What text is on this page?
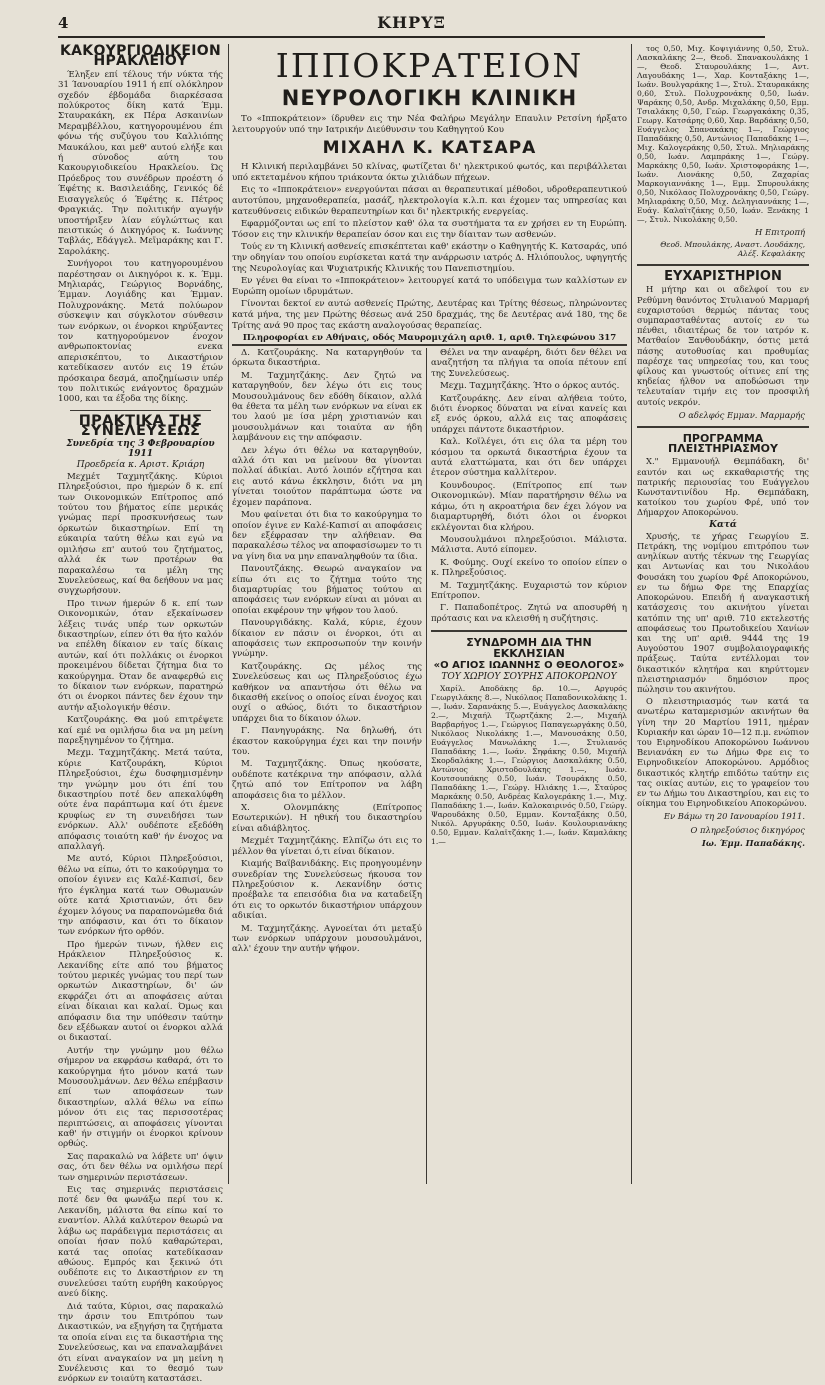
4	ΚΗΡΥΞ
ΚΑΚΟΥΡΓΙΟΔΙΚΕΙΟΝ ΗΡΑΚΛΕΙΟΥ

Έληξεν επί τέλους τήν νύκτα τής 31 Ίανουαρίου 1911 ή επί ολόκληρον σχεδόν έβδομάδα διαρκέσασα πολύκροτος δίκη κατά Έμμ. Σταυρακάκη, εκ Πέρα Ασκαινίων Μεραμβέλλου, κατηγορουμένου έπι φόνω τής συζύγου του Καλλιόπης Μαυκάλου, και μεθ' αυτού ελήξε και ή σύνοδος αύτη του Κακουργιοδικείου Ηρακλείου. Ώς Πρόεδρος του συνέδρων προέστη ό Έφέτης κ. Βασιλειάδης, Γενικός δέ Εισαγγελεύς ό Έφέτης κ. Πέτρος Φραγκιάς. Την πολιτικήν αγωγήν υποστήριξεν λίαν εύγλώττως και πειστικώς ό Δικηγόρος κ. Ιωάννης Ταβλάς, Εδάγγελ. Μεϊμαράκης και Γ. Σαρολάκης.

Συνήγοροι του κατηγορουμένου παρέστησαν οι Δικηγόροι κ. κ. Έμμ. Μηλιαράς, Γεώργιος Βορνάδης, Έμμαν. Λογιάδης και Έμμαν. Πολυχρονάκης. Μετά πολύωρον σύσκεψιν και σύγκλοτον σύνθεσιν των ενόρκων, οι ένορκοι κηρύξαντες τον κατηγορούμενον ένοχον ανθρωποκτονίας ενεκα απερισκέπτου, το Δικαστήριον κατεδίκασεν αυτόν εις 19 έτών πρόσκαιρα δεσμά, αποζημίωσιν υπέρ του πολιτικώς ενάγοντος δραχμών 1000, και τα έξοδα της δίκης.

ΠΡΑΚΤΙΚΑ ΤΗΣ ΣΥΝΕΛΕΥΣΕΩΣ
Συνεδρία της 3 Φεβρουαρίου 1911
Προεδρεία κ. Αριστ. Κριάρη

Μεχμέτ Ταχμητζάκης. Κύριοι Πληρεξούσιοι, προ ήμερών δ κ. επί των Οικονομικών Επίτροπος από τούτου του βήματος είπε μερικάς γνώμας περί προσκυνήσεως των όρκωτών δικαστηρίων. Επί τη εύκαιρία ταύτη θέλω και εγώ να ομιλήσω επ' αυτού του ζητήματος, αλλά έκ των προτέρων θα παρακαλέσω τα μέλη της Συνελεύσεως, καί θα δεήθουν να μας συγχωρήσουν.

Προ τινων ήμερών δ κ. επί των Οικονομικών, όταν εξεκαίνωσεν λέξεις τινάς υπέρ των ορκωτών δικαστηρίων, είπεν ότι θα ήτο καλόν να επέλθη δίκαιον εν ταίς δίκαις αυτών, καί ότι πολλάκις οι ένορκοι προκειμένου δίδεται ζήτημα δια το κακούργημα. Όταν δε αναφερθώ εις το δίκαιον των ενόρκων, παρατηρώ ότι οι ένορκοι πάντες δεν έχουν την αυτήν αξιολογικήν θέσιν.

Κατζουράκης. Θα μού επιτρέψετε καί εμέ να ομιλήσω δια να μη μείνη παρεξηγημένον το ζήτημα.

Μεχμ. Ταχμητζάκης. Μετά ταύτα, κύριε Κατζουράκη, Κύριοι Πληρεξούσιοι, έχω δυσφημισμένην την γνώμην μου ότι έπί του δικαστηρίου ποτέ δεν απεκαλύφθη ούτε ένα παράπτωμα καί ότι έμενε κρυφίως εν τη συνειδήσει των ενόρκων. Αλλ' ουδέποτε εξεδόθη απόφασις τοιαύτη καθ' ήν ένοχος να απαλλαγή.

Με αυτό, Κύριοι Πληρεξούσιοι, θέλω να είπω, ότι το κακούργημα το οποίον έγινεν εις Καλέ-Καπισί, δεν ήτο έγκλημα κατά των Οθωμανών ούτε κατά Χριστιανών, ότι δεν έχομεν λόγους να παραπονώμεθα διά την απόφασιν, και ότι το δίκαιον των ενόρκων ήτο ορθόν.

Προ ήμερών τινων, ήλθεν εις Ηράκλειον Πληρεξούσιος κ. Λεκανίδης είτε από του βήματος τούτου μερικές γνώμας του περί των ορκωτών Δικαστηρίων, δι' ών εκφράζει ότι αι αποφάσεις αύται είναι δίκαιαι και καλαί. Όμως και απόφασιν δια την υπόθεσιν ταύτην δεν εξέδωκαν αυτοί οι ένορκοι αλλά οι δικασταί.

Αυτήν την γνώμην μου θέλω σήμερον να εκφράσω καθαρά, ότι το κακούργημα ήτο μόνον κατά των Μουσουλμάνων. Δεν θέλω επέμβασιν επί των αποφάσεων των δικαστηρίων, αλλά θέλω να είπω μόνον ότι εις τας περισσοτέρας περιπτώσεις, αι αποφάσεις γίνονται καθ' ήν στιγμήν οι ένορκοι κρίνουν ορθώς.

Σας παρακαλώ να λάβετε υπ' όψιν σας, ότι δεν θέλω να ομιλήσω περί των σημερινών περιστάσεων.

Εις τας σημερινάς περιστάσεις ποτέ δεν θα φωνάξω περί του κ. Λεκανίδη, μάλιστα θα είπω καί το εναντίον. Αλλά καλύτερον θεωρώ να λάβω ως παράδειγμα περιστάσεις αι οποίαι ήσαν πολύ καθαρώτεραι, κατά τας οποίας κατεδίκασαν αθώους. Εμπρός και ξεκινώ ότι ουδέποτε εις το Δικαστήριον εν τη συνελεύσει ταύτη ευρήθη κακούργος ανεύ δίκης.

Διά ταύτα, Κύριοι, σας παρακαλώ την άρσιν του Επιτρόπου των Δικαστικών, να εξηγήση τα ζητήματα τα οποία είναι εις τα δικαστήρια της Συνελεύσεως, και να επαναλαμβάνει ότι είναι αναγκαίον να μη μείνη η Συνέλευσις και το θεσμό των ενόρκων εν τοιαύτη καταστάσει.

ΙΠΠΟΚΡΑΤΕΙΟΝ
ΝΕΥΡΟΛΟΓΙΚΗ ΚΛΙΝΙΚΗ

Το «Ιπποκράτειον» ίδρυθεν εις την Νέα Φαλήρω Μεγάλην Επαυλιν Ρετσίνη ήρξατο λειτουργούν υπό την Ιατρικήν Διεύθυνσιν του Καθηγητού Κου

ΜΙΧΑΗΛ Κ. ΚΑΤΣΑΡΑ

Η Κλινική περιλαμβάνει 50 κλίνας, φωτίζεται δι' ηλεκτρικού φωτός, και περιβάλλεται υπό εκτεταμένου κήπου τριάκοντα όκτω χιλιάδων πήχεων.

Εις το «Ιπποκράτειον» ενεργούνται πάσαι αι θεραπευτικαί μέθοδοι, υδροθεραπευτικού αυτοτύπου, μηχανοθεραπεία, μασάζ, ηλεκτρολογία κ.λ.π. και έχομεν τας υπηρεσίας και κατευθύνσεις ειδικών θεραπευτηρίων και δι' ηλεκτρικής ενεργείας.

Εφαρμόζονται ως επί το πλείστον καθ' όλα τα συστήματα τα εν χρήσει εν τη Ευρώπη. Τόσον εις την κλινικήν θεραπείαν όσον και εις την δίαιταν των ασθενών.

Τούς εν τη Κλινική ασθενείς επισκέπτεται καθ' εκάστην ο Καθηγητής Κ. Κατσαράς, υπό την οδηγίαν του οποίου ευρίσκεται κατά την ανάρρωσιν ιατρός Δ. Ηλιόπουλος, υφηγητής της Νευρολογίας και Ψυχιατρικής Κλινικής του Πανεπιστημίου.

Εν γένει θα είναι το «Ιπποκράτειον» λειτουργεί κατά το υπόδειγμα των καλλίστων εν Ευρώπη ομοίων ιδρυμάτων.

Γίνονται δεκτοί εν αυτώ ασθενείς Πρώτης, Δευτέρας και Τρίτης θέσεως, πληρώνοντες κατά μήνα, της μεν Πρώτης θέσεως ανά 250 δραχμάς, της δε Δευτέρας ανά 180, της δε Τρίτης ανά 90 προς τας εκάστη αναλογούσας θεραπείας.

Πληροφορίαι εν Αθήναις, οδός Μαυρομιχάλη αριθ. 1, αριθ. Τηλεφώνου 317

Δ. Κατζουράκης. Να καταργηθούν τα όρκωτα δικαστήρια.

Μ. Ταχμητζάκης. Δεν ζητώ να καταργηθούν, δεν λέγω ότι εις τους Μουσουλμάνους δεν εδόθη δίκαιον, αλλά θα έθετα τα μέλη των ενόρκων να είναι εκ του λαού με ίσα μέρη χριστιανών και μουσουλμάνων και τοιαύτα αν ήδη λαμβάνουν εις την απόφασιν.

Δεν λέγω ότι θέλω να καταργηθούν, αλλά ότι και να μείνουν θα γίνονται πολλαί άδικίαι. Αυτό λοιπόν εζήτησα και εις αυτό κάνω έκκλησιν, διότι να μη γίνεται τοιούτον παράπτωμα ώστε να έχομεν παράπονα.

Μου φαίνεται ότι δια το κακούργημα το οποίον έγινε εν Καλέ-Καπισί αι αποφάσεις δεν εξέφρασαν την αλήθειαν. Θα παρακαλέσω τέλος να αποφασίσωμεν το τι να γίνη δια να μην επαναληφθούν τα ίδια.

Πανουτζάκης. Θεωρώ αναγκαίον να είπω ότι εις το ζήτημα τούτο της διαμαρτυρίας του βήματος τούτου αι αποφάσεις των ενόρκων είναι αι μόναι αι οποίαι εκφέρουν την ψήφον του λαού.

Πανουργιδάκης. Καλά, κύριε, έχουν δίκαιον εν πάσιν οι ένορκοι, ότι αι αποφάσεις των εκπροσωπούν την κοινήν γνώμην.

Κατζουράκης. Ως μέλος της Συνελεύσεως και ως Πληρεξούσιος έχω καθήκον να απαντήσω ότι θέλω να δικασθή εκείνος ο οποίος είναι ένοχος και ουχί ο αθώος, διότι το δικαστήριον υπάρχει δια το δίκαιον όλων.

Γ. Πανηγυράκης. Να δηλωθή, ότι έκαστον κακούργημα έχει και την ποινήν του.

Μ. Ταχμητζάκης. Όπως ηκούσατε, ουδέποτε κατέκρινα την απόφασιν, αλλά ζητώ από τον Επίτροπον να λάβη αποφάσεις δια το μέλλον.

Χ. Ολονμπάκης (Επίτροπος Εσωτερικών). Η ηθική του δικαστηρίου είναι αδιάβλητος.

Μεχμέτ Ταχμητζάκης. Ελπίζω ότι εις το μέλλον θα γίνεται ό,τι είναι δίκαιον.

Κιαμής Βαϊβανιδάκης. Εις προηγουμένην συνεδρίαν της Συνελεύσεως ήκουσα τον Πληρεξούσιον κ. Λεκανίδην όστις προέβαλε τα επεισόδια δια να καταδείξη ότι εις το ορκωτόν δικαστήριον υπάρχουν αδικίαι.

Μ. Ταχμητζάκης. Αγνοείται ότι μεταξύ των ενόρκων υπάρχουν μουσουλμάνοι, αλλ' έχουν την αυτήν ψήφον.

Θέλει να την αναφέρη, διότι δεν θέλει να αναζητήση τα πλήγια τα οποία πέτουν επί της Συνελεύσεως.

Μεχμ. Ταχμητζάκης. Ήτο ο όρκος αυτός.

Κατζουράκης. Δεν είναι αλήθεια τούτο, διότι ένορκος δύναται να είναι κανείς και εξ ενός όρκου, αλλά εις τας αποφάσεις υπάρχει πάντοτε δικαστήριον.

Καλ. Κοϊλέγει, ότι εις όλα τα μέρη του κόσμου τα ορκωτά δικαστήρια έχουν τα αυτά ελαττώματα, και ότι δεν υπάρχει έτερον σύστημα καλλίτερον.

Κουνδουρος. (Επίτροπος επί των Οικονομικών). Μίαν παρατήρησιν θέλω να κάμω, ότι η ακροατήρια δεν έχει λόγον να διαμαρτυρηθή, διότι όλοι οι ένορκοι εκλέγονται δια κλήρου.

Μουσουλμάνοι πληρεξούσιοι. Μάλιστα. Μάλιστα. Αυτό είπομεν.

Κ. Φούμης. Ουχί εκείνο το οποίον είπεν ο κ. Πληρεξούσιος.

Μ. Ταχμητζάκης. Ευχαριστώ τον κύριον Επίτροπον.

Γ. Παπαδοπέτρος. Ζητώ να αποσυρθή η πρότασις και να κλεισθή η συζήτησις.

ΣΥΝΔΡΟΜΗ ΔΙΑ ΤΗΝ ΕΚΚΛΗΣΙΑΝ
«Ο ΑΓΙΟΣ ΙΩΑΝΝΗΣ Ο ΘΕΟΛΟΓΟΣ»
ΤΟΥ ΧΩΡΙΟΥ ΣΟΥΡΗΣ ΑΠΟΚΟΡΩΝΟΥ

Χαρίλ. Αποδάκης δρ. 10.—, Αργυρός Γεωργιλάκης 8.—, Νικόλαος Παπαδονικολάκης 1.—, Ιωάν. Σαρανάκης 5.—, Ευάγγελος Δασκαλάκης 2.—, Μιχαήλ Τζωρτζάκης 2.—, Μιχαήλ Βαρβαρήγος 1.—, Γεώργιος Παπαγεωργάκης 0.50, Νικόλαος Νικολάκης 1.—, Μανουσάκης 0.50, Ευάγγελος Μανωλάκης 1.—, Στυλιανός Παπαδάκης 1.—, Ιωάν. Σηφάκης 0.50, Μιχαήλ Σκορδαλάκης 1.—, Γεώργιος Δασκαλάκης 0.50, Αντώνιος Χριστοδουλάκης 1.—, Ιωάν. Κουτσουπάκης 0.50, Ιωάν. Τσουράκης 0.50, Παπαδάκης 1.—, Γεώργ. Ηλιάκης 1.—, Σταύρος Μαρκάκης 0.50, Ανδρέας Καλογεράκης 1.—, Μιχ. Παπαδάκης 1.—, Ιωάν. Καλοκαιρινός 0.50, Γεώργ. Ψαρουδάκης 0.50, Εμμαν. Κονταξάκης 0.50, Νικόλ. Αργυράκης 0.50, Ιωάν. Κουλουριανάκης 0.50, Εμμαν. Καλαϊτζάκης 1.—, Ιωάν. Καμαλάκης 1.—

τος 0,50, Μιχ. Κοψιγιάννης 0,50, Στυλ. Λασκαλάκης 2—, Θεοδ. Σπανακουλάκης 1—, Θεοδ. Σταυρουλάκης 1—, Αντ. Λαγουδάκης 1—, Χαρ. Κονταξάκης 1—, Ιωάν. Βουλγαράκης 1—, Στυλ. Σταυρακάκης 0,60, Στυλ. Πολυχρονάκης 0,50, Ιωάν. Ψαράκης 0,50, Ανδρ. Μιχαλάκης 0,50, Εμμ. Τσιαλάκης 0,50, Γεώρ. Γεωργακάκης 0,35, Γεωργ. Κατσάρης 0,60, Χαρ. Βαρδάκης 0,50, Ευάγγελος Σπανακάκης 1—, Γεώργιος Παπαδάκης 0,50, Αντώνιος Παπαδάκης 1—, Μιχ. Καλογεράκης 0,50, Στυλ. Μηλιαράκης 0,50, Ιωάν. Λαμπράκης 1—, Γεώργ. Μαρκάκης 0,50, Ιωάν. Χριστοφοράκης 1—, Ιωάν. Λιονάκης 0,50, Ζαχαρίας Μαρκογιαννάκης 1—, Εμμ. Σπυρουλάκης 0,50, Νικόλαος Πολυχρονάκης 0,50, Γεώργ. Μηλιαράκης 0,50, Μιχ. Δεληγιαννάκης 1—, Ευάγ. Καλαϊτζάκης 0,50, Ιωάν. Ξενάκης 1—, Στυλ. Νικολάκης 0,50.

Η Επιτροπή
Θεοδ. Μπουλάκης, Αναστ. Λουδάκης, Αλέξ. Κεφαλάκης
ΕΥΧΑΡΙΣΤΗΡΙΟΝ

Η μήτηρ και οι αδελφοί του εν Ρεθύμνη θανόντος Στυλιανού Μαρμαρή ευχαριστούσι θερμώς πάντας τους συμπαρασταθέντας αυτοίς εν τω πένθει, ιδιαιτέρως δε τον ιατρόν κ. Ματθαίον Ξανθουδάκην, όστις μετά πάσης αυτοθυσίας και προθυμίας παρέσχε τας υπηρεσίας του, και τους φίλους και γνωστούς οίτινες επί της κηδείας ήλθον να αποδώσωσι την τελευταίαν τιμήν εις τον προσφιλή αυτοίς νεκρόν.

Ο αδελφός Εμμαν. Μαρμαρής
ΠΡΟΓΡΑΜΜΑ ΠΛΕΙΣΤΗΡΙΑΣΜΟΥ

Χ." Εμμανουήλ Θεμπάδακη, δι' εαυτόν και ως εκκαθαριστής της πατρικής περιουσίας του Ευάγγελου Κωνσταντινίδου Ηρ. Θεμπάδακη, κατοίκου του χωρίου Φρέ, υπό τον Δήμαρχον Αποκορώνου.

Κατά

Χρυσής, τε χήρας Γεωργίου Ξ. Πετράκη, της νομίμου επιτρόπου των ανηλίκων αυτής τέκνων της Γεωργίας και Αντωνίας και του Νικολάου Φουσάκη του χωρίου Φρέ Αποκορώνου, εν τω δήμω Φρε της Επαρχίας Αποκορώνου. Επειδή ή αναγκαστική κατάσχεσις του ακινήτου γίνεται κατόπιν της υπ' αριθ. 710 εκτελεστής αποφάσεως του Πρωτοδικείου Χανίων και της υπ' αριθ. 9444 της 19 Αυγούστου 1907 συμβολαιογραφικής πράξεως. Ταύτα εντέλλομαι τον δικαστικόν κλητήρα και κηρύττομεν πλειστηριασμόν δημόσιον προς πώλησιν του ακινήτου.

Ο πλειστηριασμός των κατά τα ανωτέρω καταμερισμών ακινήτων θα γίνη την 20 Μαρτίου 1911, ημέραν Κυριακήν και ώραν 10—12 π.μ. ενώπιον του Ειρηνοδίκου Αποκορώνου Ιωάννου Βενιανάκη εν τω Δήμω Φρε εις το Ειρηνοδικείον Αποκορώνου. Αρμόδιος δικαστικός κλητήρ επιδότω ταύτην εις τας οικίας αυτών, εις το γραφείον του εν τω Δήμω του Δικαστηρίου, και εις το οίκημα του Ειρηνοδικείου Αποκορώνου.

Εν Βάμω τη 20 Ιανουαρίου 1911.
Ο πληρεξούσιος δικηγόρος
Ιω. Έμμ. Παπαδάκης.
